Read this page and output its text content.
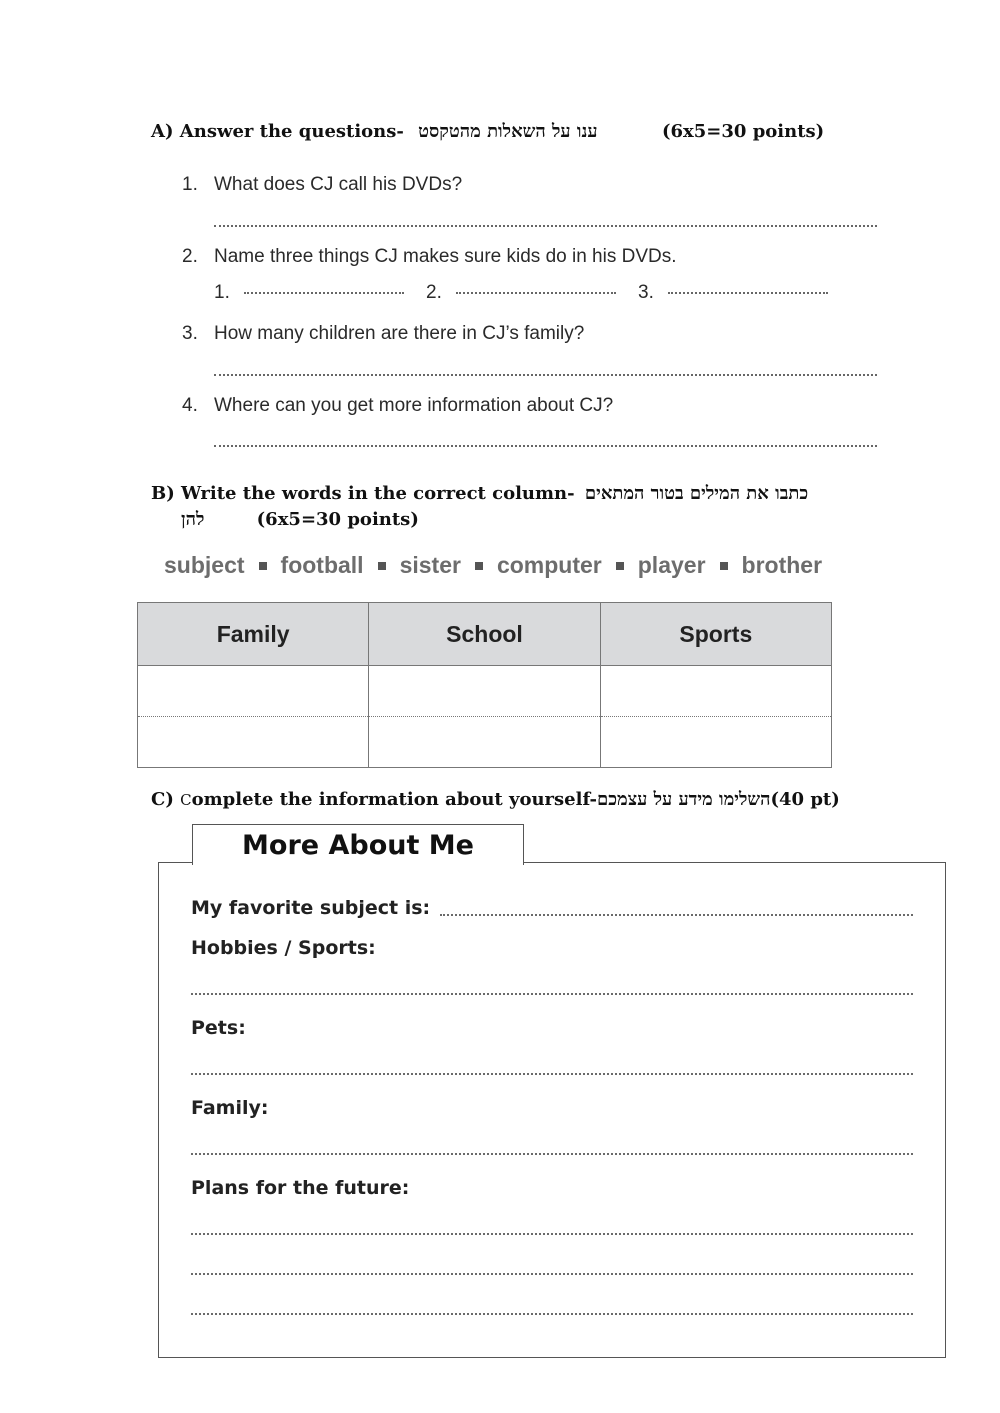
A) Answer the questions- ענו על השאלות מהטקסט	(6x5=30 points)
1. What does CJ call his DVDs?
2. Name three things CJ makes sure kids do in his DVDs.
1.	2.	3.
3. How many children are there in CJ’s family?
4. Where can you get more information about CJ?
B) Write the words in the correct column- כתבו את המילים בטור המתאים
להן	(6x5=30 points)
subject football sister computer player brother
Family	School	Sports

C) Complete the information about yourself-השלימו מידע על עצמכם(40 pt)
More About Me
My favorite subject is:
Hobbies / Sports:
Pets:
Family:
Plans for the future:
